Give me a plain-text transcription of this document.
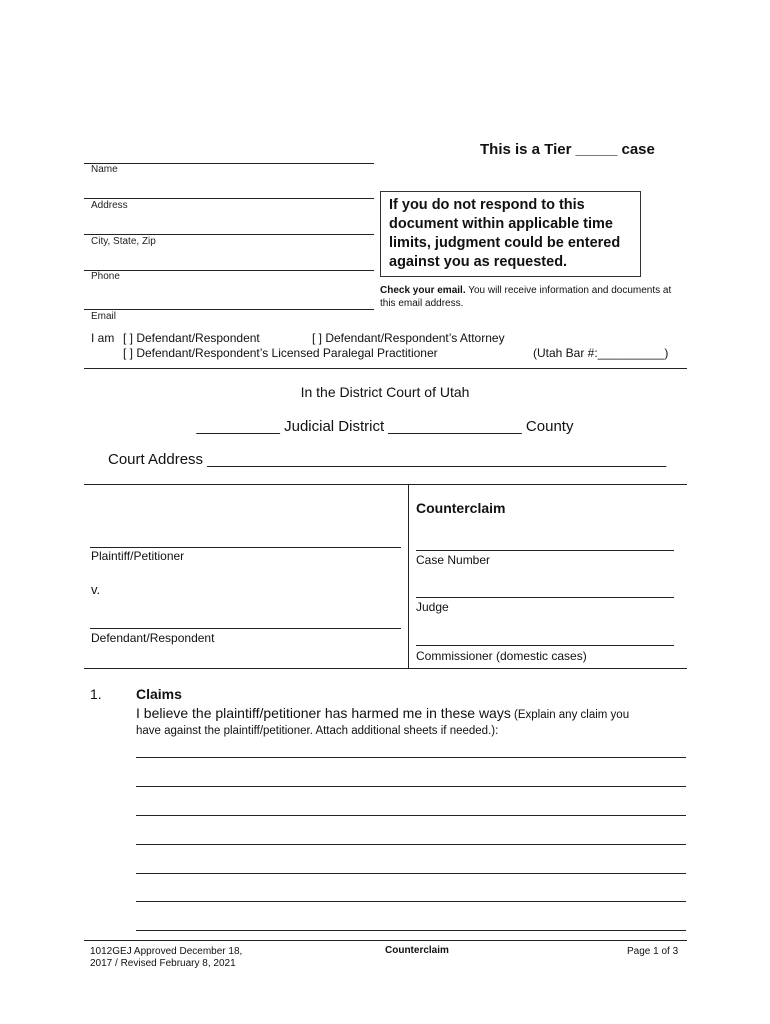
This is a Tier _____ case
Name
Address
City, State, Zip
Phone
Email
If you do not respond to this document within applicable time limits, judgment could be entered against you as requested.
Check your email. You will receive information and documents at this email address.
I am [ ] Defendant/Respondent	[ ] Defendant/Respondent’s Attorney
[ ] Defendant/Respondent’s Licensed Paralegal Practitioner	(Utah Bar #:__________)
In the District Court of Utah
__________ Judicial District ________________ County
Court Address _______________________________________________________
Plaintiff/Petitioner
v.
Defendant/Respondent
Counterclaim
Case Number
Judge
Commissioner (domestic cases)
1. Claims
I believe the plaintiff/petitioner has harmed me in these ways (Explain any claim you
have against the plaintiff/petitioner. Attach additional sheets if needed.):
1012GEJ Approved December 18,
2017 / Revised February 8, 2021
Counterclaim	Page 1 of 3
